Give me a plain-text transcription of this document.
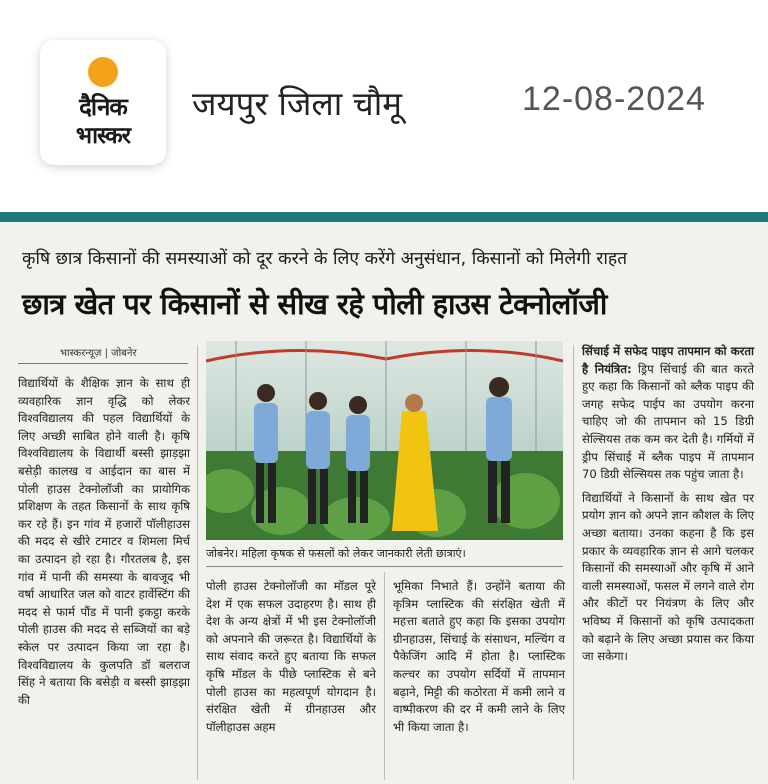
दैनिक
भास्कर
जयपुर जिला चौमू	12-08-2024
कृषि छात्र किसानों की समस्याओं को दूर करने के लिए करेंगे अनुसंधान, किसानों को मिलेगी राहत
छात्र खेत पर किसानों से सीख रहे पोली हाउस टेक्नोलॉजी
भास्करन्यूज़ | जोबनेर

विद्यार्थियों के शैक्षिक ज्ञान के साथ ही व्यवहारिक ज्ञान वृद्धि को लेकर विश्वविद्यालय की पहल विद्यार्थियों के लिए अच्छी साबित होने वाली है। कृषि विश्वविद्यालय के विद्यार्थी बस्सी झाड़झा बसेड़ी कालख व आईदान का बास में पोली हाउस टेक्नोलॉजी का प्रायोगिक प्रशिक्षण के तहत किसानों के साथ कृषि कर रहे हैं। इन गांव में हजारों पॉलीहाउस की मदद से खीरे टमाटर व शिमला मिर्च का उत्पादन हो रहा है। गौरतलब है, इस गांव में पानी की समस्या के बावजूद भी वर्षा आधारित जल को वाटर हार्वेस्टिंग की मदद से फार्म पौंड में पानी इकट्ठा करके पोली हाउस की मदद से सब्जियों का बड़े स्केल पर उत्पादन किया जा रहा है। विश्वविद्यालय के कुलपति डॉ बलराज सिंह ने बताया कि बसेड़ी व बस्सी झाड़झा की

जोबनेर। महिला कृषक से फसलों को लेकर जानकारी लेती छात्राएं।

पोली हाउस टेक्नोलॉजी का मॉडल पूरे देश में एक सफल उदाहरण है। साथ ही देश के अन्य क्षेत्रों में भी इस टेक्नोलॉजी को अपनाने की जरूरत है। विद्यार्थियों के साथ संवाद करते हुए बताया कि सफल कृषि मॉडल के पीछे प्लास्टिक से बने पोली हाउस का महत्वपूर्ण योगदान है। संरक्षित खेती में ग्रीनहाउस और पॉलीहाउस अहम

भूमिका निभाते हैं। उन्होंने बताया की कृत्रिम प्लास्टिक की संरक्षित खेती में महत्ता बताते हुए कहा कि इसका उपयोग ग्रीनहाउस, सिंचाई के संसाधन, मल्चिंग व पैकेजिंग आदि में होता है। प्लास्टिक कल्चर का उपयोग सर्दियों में तापमान बढ़ाने, मिट्टी की कठोरता में कमी लाने व वाष्पीकरण की दर में कमी लाने के लिए भी किया जाता है।

सिंचाई में सफेद पाइप तापमान को करता है नियंत्रित: ड्रिप सिंचाई की बात करते हुए कहा कि किसानों को ब्लैक पाइप की जगह सफेद पाईप का उपयोग करना चाहिए जो की तापमान को 15 डिग्री सेल्सियस तक कम कर देती है। गर्मियों में ड्रीप सिंचाई में ब्लैक पाइप में तापमान 70 डिग्री सेल्सियस तक पहुंच जाता है।

विद्यार्थियों ने किसानों के साथ खेत पर प्रयोग ज्ञान को अपने ज्ञान कौशल के लिए अच्छा बताया। उनका कहना है कि इस प्रकार के व्यवहारिक ज्ञान से आगे चलकर किसानों की समस्याओं और कृषि में आने वाली समस्याओं, फसल में लगने वाले रोग और कीटों पर नियंत्रण के लिए और भविष्य में किसानों को कृषि उत्पादकता को बढ़ाने के लिए अच्छा प्रयास कर किया जा सकेगा।
